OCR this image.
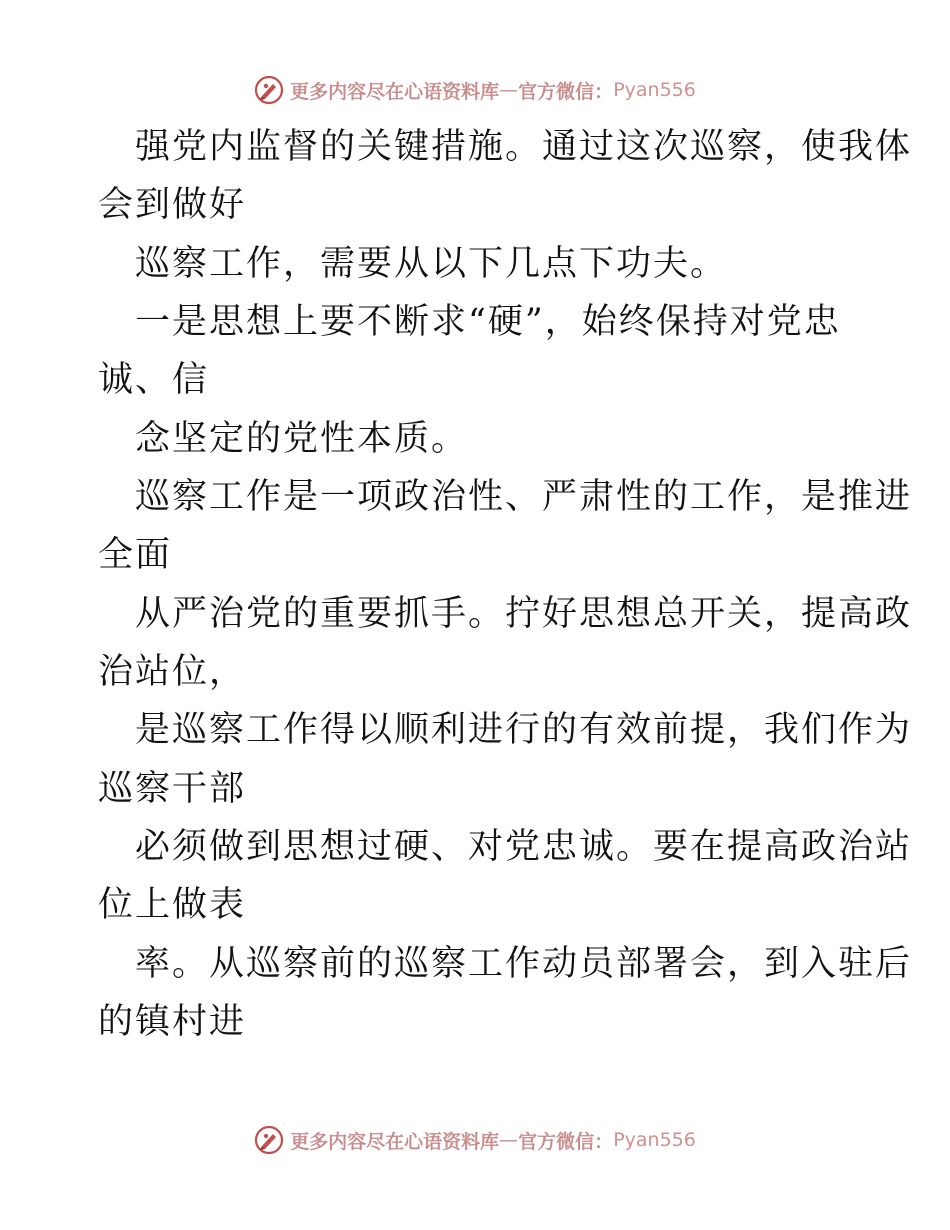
更多内容尽在心语资料库 — 官方微信： Pyan556
强党内监督的关键措施。通过这次巡察，使我体
会到做好
巡察工作，需要从以下几点下功夫。
一是思想上要不断求“硬”，始终保持对党忠
诚、信
念坚定的党性本质。
巡察工作是一项政治性、严肃性的工作，是推进
全面
从严治党的重要抓手。拧好思想总开关，提高政
治站位，
是巡察工作得以顺利进行的有效前提，我们作为
巡察干部
必须做到思想过硬、对党忠诚。要在提高政治站
位上做表
率。从巡察前的巡察工作动员部署会，到入驻后
的镇村进
更多内容尽在心语资料库 — 官方微信： Pyan556
